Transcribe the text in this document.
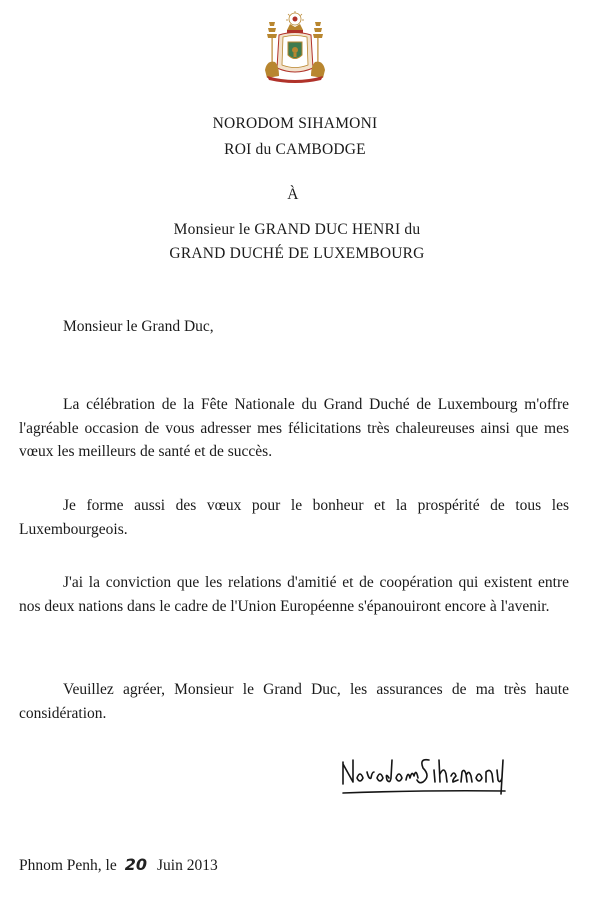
NORODOM SIHAMONI
ROI du CAMBODGE
À
Monsieur le GRAND DUC HENRI du
GRAND DUCHÉ DE LUXEMBOURG
Monsieur le Grand Duc,

La célébration de la Fête Nationale du Grand Duché de Luxembourg m'offre l'agréable occasion de vous adresser mes félicitations très chaleureuses ainsi que mes vœux les meilleurs de santé et de succès.

Je forme aussi des vœux pour le bonheur et la prospérité de tous les Luxembourgeois.

J'ai la conviction que les relations d'amitié et de coopération qui existent entre nos deux nations dans le cadre de l'Union Européenne s'épanouiront encore à l'avenir.

Veuillez agréer, Monsieur le Grand Duc, les assurances de ma très haute considération.

Phnom Penh, le 20 Juin 2013
